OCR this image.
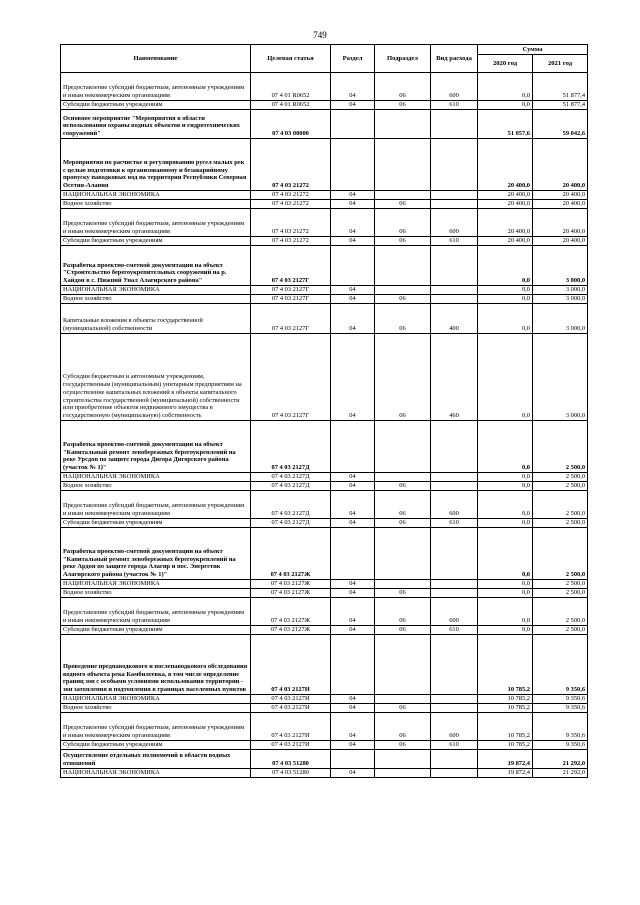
749
Наименование	Целевая статья	Раздел	Подраздел	Вид расхода	Сумма	
					2020 год	2021 год
Предоставление субсидий бюджетным, автономным учреждениям и иным некоммерческим организациям	07 4 01 R0652	04	06	600	0,0	51 877,4
Субсидии бюджетным учреждениям	07 4 01 R0652	04	06	610	0,0	51 877,4
Основное мероприятие "Мероприятия в области использования охраны водных объектов и гидротехнических сооружений"	07 4 03 00000				51 057,6	59 042,6
Мероприятия по расчистке и регулированию русел малых рек с целью подготовки к организованному и безаварийному пропуску паводковых вод на территории Республики Северная Осетия-Алания	07 4 03 21272				20 400,0	20 400,0
НАЦИОНАЛЬНАЯ ЭКОНОМИКА	07 4 03 21272	04			20 400,0	20 400,0
Водное хозяйство	07 4 03 21272	04	06		20 400,0	20 400,0
Предоставление субсидий бюджетным, автономным учреждениям и иным некоммерческим организациям	07 4 03 21272	04	06	600	20 400,0	20 400,0
Субсидии бюджетным учреждениям	07 4 03 21272	04	06	610	20 400,0	20 400,0
Разработка проектно-сметной документации на объект "Строительство берегоукрепительных сооружений на р. Хайдон в с. Нижний Унал Алагирского района"	07 4 03 2127Г				0,0	3 000,0
НАЦИОНАЛЬНАЯ ЭКОНОМИКА	07 4 03 2127Г	04			0,0	3 000,0
Водное хозяйство	07 4 03 2127Г	04	06		0,0	3 000,0
Капитальные вложения в объекты государственной (муниципальной) собственности	07 4 03 2127Г	04	06	400	0,0	3 000,0
Субсидии бюджетным и автономным учреждениям, государственным (муниципальным) унитарным предприятиям на осуществление капитальных вложений в объекты капитального строительства государственной (муниципальной) собственности или приобретение объектов недвижимого имущества в государственную (муниципальную) собственность	07 4 03 2127Г	04	06	460	0,0	3 000,0
Разработка проектно-сметной документации на объект "Капитальный ремонт левобережных берегоукреплений на реке Урсдон по защите города Дигора Дигорского района (участок № 1)"	07 4 03 2127Д				0,0	2 500,0
НАЦИОНАЛЬНАЯ ЭКОНОМИКА	07 4 03 2127Д	04			0,0	2 500,0
Водное хозяйство	07 4 03 2127Д	04	06		0,0	2 500,0
Предоставление субсидий бюджетным, автономным учреждениям и иным некоммерческим организациям	07 4 03 2127Д	04	06	600	0,0	2 500,0
Субсидии бюджетным учреждениям	07 4 03 2127Д	04	06	610	0,0	2 500,0
Разработка проектно-сметной документации на объект "Капитальный ремонт левобережных берегоукреплений на реке Ардон по защите города Алагир и пос. Энергетик Алагирского района (участок № 1)"	07 4 03 2127Ж				0,0	2 500,0
НАЦИОНАЛЬНАЯ ЭКОНОМИКА	07 4 03 2127Ж	04			0,0	2 500,0
Водное хозяйство	07 4 03 2127Ж	04	06		0,0	2 500,0
Предоставление субсидий бюджетным, автономным учреждениям и иным некоммерческим организациям	07 4 03 2127Ж	04	06	600	0,0	2 500,0
Субсидии бюджетным учреждениям	07 4 03 2127Ж	04	06	610	0,0	2 500,0
Проведение предпаводкового и послепаводкового обследования водного объекта река Камбилеевка, в том числе определение границ зон с особыми условиями использования территории - зон затопления и подтопления в границах населенных пунктов	07 4 03 2127И				10 785,2	9 350,6
НАЦИОНАЛЬНАЯ ЭКОНОМИКА	07 4 03 2127И	04			10 785,2	9 350,6
Водное хозяйство	07 4 03 2127И	04	06		10 785,2	9 350,6
Предоставление субсидий бюджетным, автономным учреждениям и иным некоммерческим организациям	07 4 03 2127И	04	06	600	10 785,2	9 350,6
Субсидии бюджетным учреждениям	07 4 03 2127И	04	06	610	10 785,2	9 350,6
Осуществление отдельных полномочий в области водных отношений	07 4 03 51280				19 872,4	21 292,0
НАЦИОНАЛЬНАЯ ЭКОНОМИКА	07 4 03 51280	04			19 872,4	21 292,0
